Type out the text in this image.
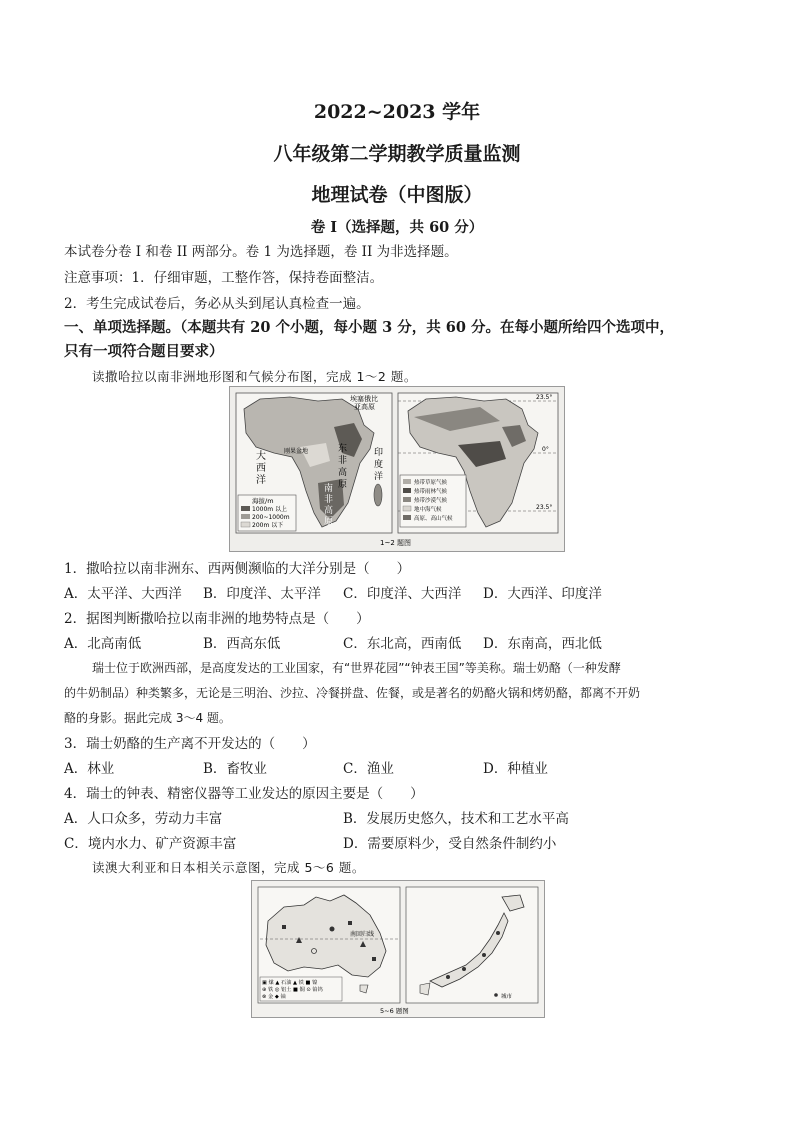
2022~2023 学年
八年级第二学期教学质量监测
地理试卷（中图版）
卷 I（选择题，共 60 分）
本试卷分卷 I 和卷 II 两部分。卷 1 为选择题，卷 II 为非选择题。
注意事项：1．仔细审题，工整作答，保持卷面整洁。
2．考生完成试卷后，务必从头到尾认真检查一遍。
一、单项选择题。（本题共有 20 个小题，每小题 3 分，共 60 分。在每小题所给四个选项中，
只有一项符合题目要求）
读撒哈拉以南非洲地形图和气候分布图，完成 1～2 题。
埃塞俄比
亚高原
大
西
洋
东
非
高
原
印
度
洋
南
非
高
原
刚果盆地
海拔/m
1000m 以上
200~1000m
200m 以下
23.5°
0°
23.5°
热带草原气候
热带雨林气候
热带沙漠气候
地中海气候
高原、高山气候
1~2 题图
1．撒哈拉以南非洲东、西两侧濒临的大洋分别是（　　）
A．太平洋、大西洋 B．印度洋、太平洋 C．印度洋、大西洋 D．大西洋、印度洋
2．据图判断撒哈拉以南非洲的地势特点是（　　）
A．北高南低	B．西高东低	C．东北高，西南低 D．东南高，西北低
瑞士位于欧洲西部，是高度发达的工业国家，有“世界花园”“钟表王国”等美称。瑞士奶酪（一种发酵
的牛奶制品）种类繁多，无论是三明治、沙拉、冷餐拼盘、佐餐，或是著名的奶酪火锅和烤奶酪，都离不开奶
酪的身影。据此完成 3～4 题。
3．瑞士奶酪的生产离不开发达的（　　）
A．林业	B．畜牧业	C．渔业	D．种植业
4．瑞士的钟表、精密仪器等工业发达的原因主要是（　　）
A．人口众多，劳动力丰富	B．发展历史悠久，技术和工艺水平高
C．境内水力、矿产资源丰富	D．需要原料少，受自然条件制约小
读澳大利亚和日本相关示意图，完成 5～6 题。
南回归线
▣ 煤 ▲ 石油 ▲ 铁 ■ 镍
⊕ 铁 ◎ 铝土 ■ 铜 ⊙ 铂钨
⊗ 金 ◆ 铀	城市
5~6 题图
